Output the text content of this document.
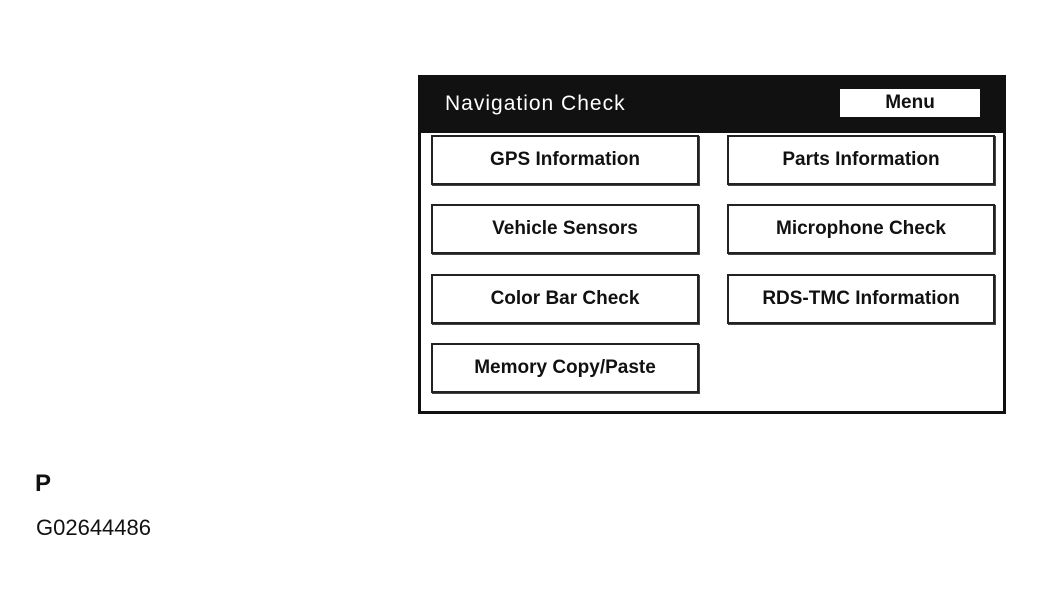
Navigation Check	Menu
GPS Information	Parts Information
Vehicle Sensors	Microphone Check
Color Bar Check	RDS-TMC Information
Memory Copy/Paste
P
G02644486
